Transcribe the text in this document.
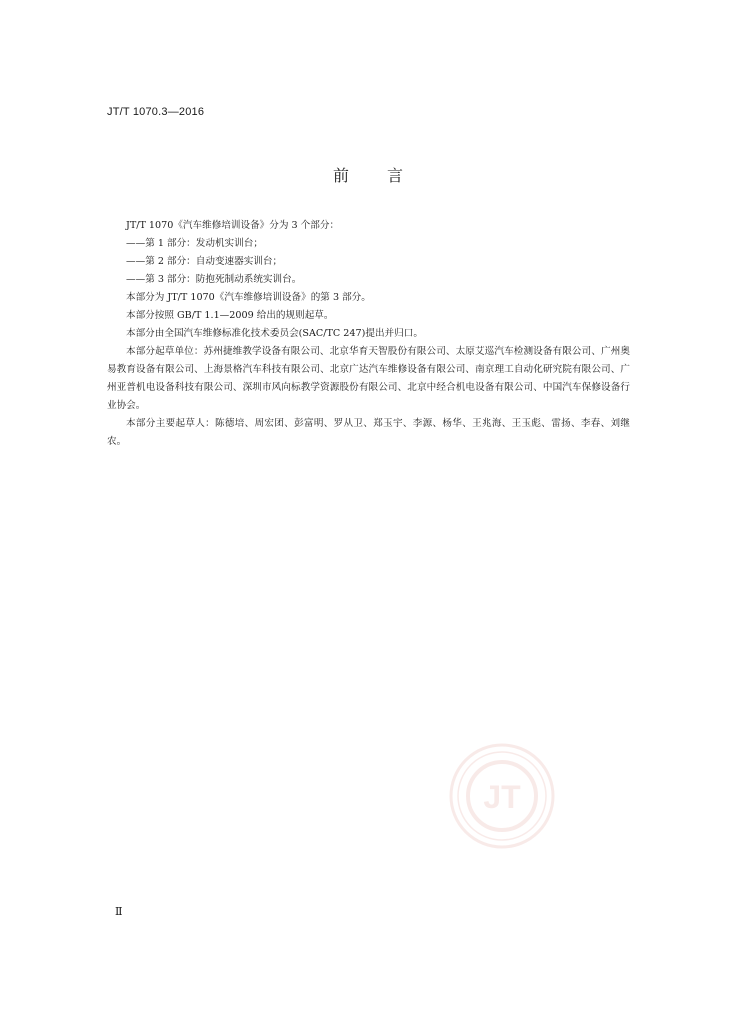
JT/T 1070.3—2016
前言

JT/T 1070《汽车维修培训设备》分为 3 个部分：

——第 1 部分：发动机实训台；

——第 2 部分：自动变速器实训台；

——第 3 部分：防抱死制动系统实训台。

本部分为 JT/T 1070《汽车维修培训设备》的第 3 部分。

本部分按照 GB/T 1.1—2009 给出的规则起草。

本部分由全国汽车维修标准化技术委员会(SAC/TC 247)提出并归口。

本部分起草单位：苏州捷维教学设备有限公司、北京华育天智股份有限公司、太原艾巡汽车检测设备有限公司、广州奥易教育设备有限公司、上海景格汽车科技有限公司、北京广达汽车维修设备有限公司、南京理工自动化研究院有限公司、广州亚普机电设备科技有限公司、深圳市风向标教学资源股份有限公司、北京中经合机电设备有限公司、中国汽车保修设备行业协会。

本部分主要起草人：陈德培、周宏团、彭富明、罗从卫、郑玉宇、李源、杨华、王兆海、王玉彪、雷扬、李春、刘继农。

JT
Ⅱ
